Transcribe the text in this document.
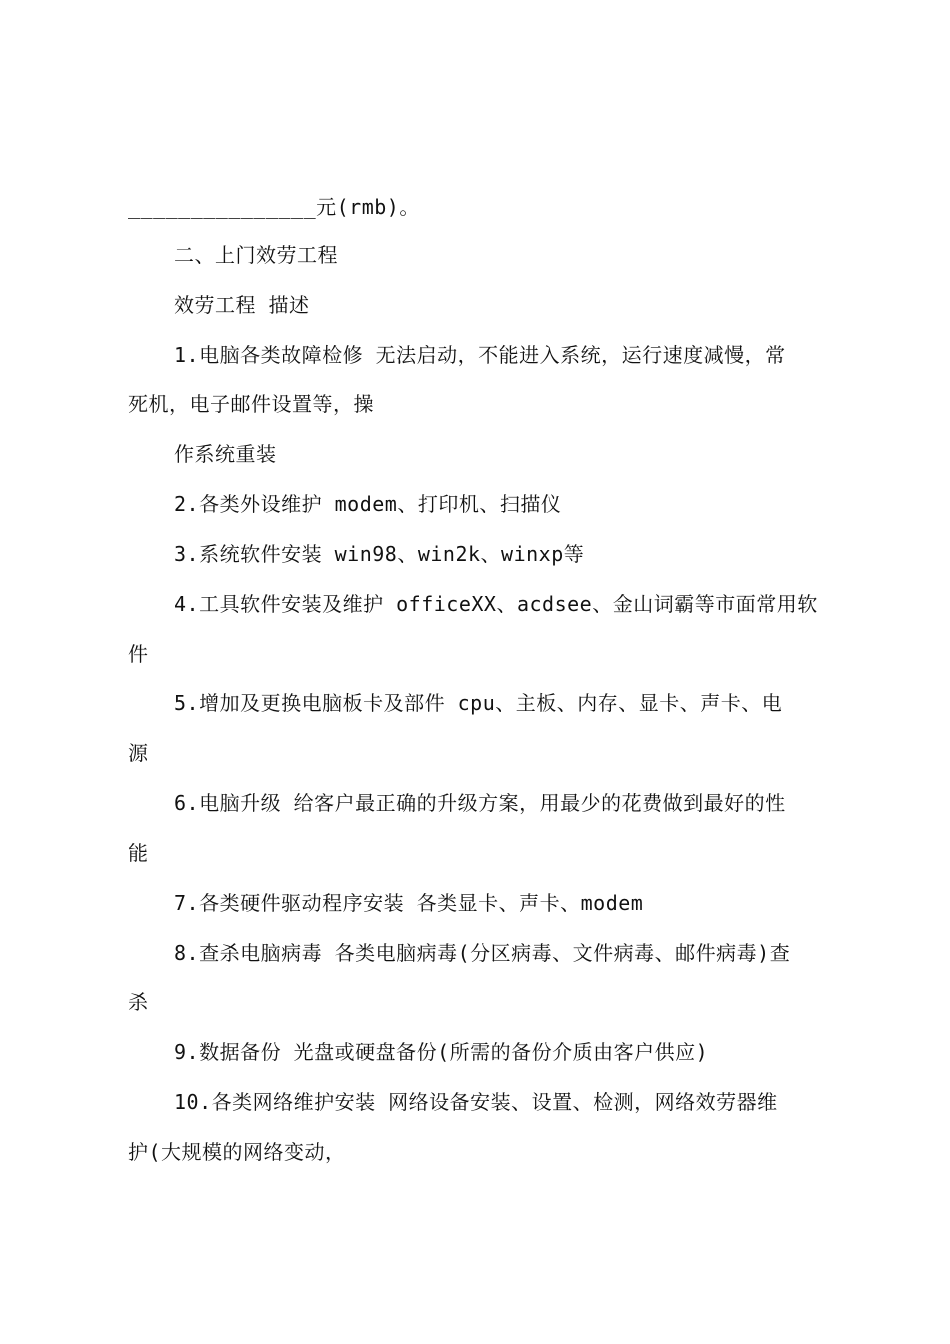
_______________元(rmb)。
二、上门效劳工程
效劳工程 描述
1.电脑各类故障检修 无法启动，不能进入系统，运行速度减慢，常
死机，电子邮件设置等，操
作系统重装
2.各类外设维护 modem、打印机、扫描仪
3.系统软件安装 win98、win2k、winxp等
4.工具软件安装及维护 officeXX、acdsee、金山词霸等市面常用软
件
5.增加及更换电脑板卡及部件 cpu、主板、内存、显卡、声卡、电
源
6.电脑升级 给客户最正确的升级方案，用最少的花费做到最好的性
能
7.各类硬件驱动程序安装 各类显卡、声卡、modem
8.查杀电脑病毒 各类电脑病毒(分区病毒、文件病毒、邮件病毒)查
杀
9.数据备份 光盘或硬盘备份(所需的备份介质由客户供应)
10.各类网络维护安装 网络设备安装、设置、检测，网络效劳器维
护(大规模的网络变动，
